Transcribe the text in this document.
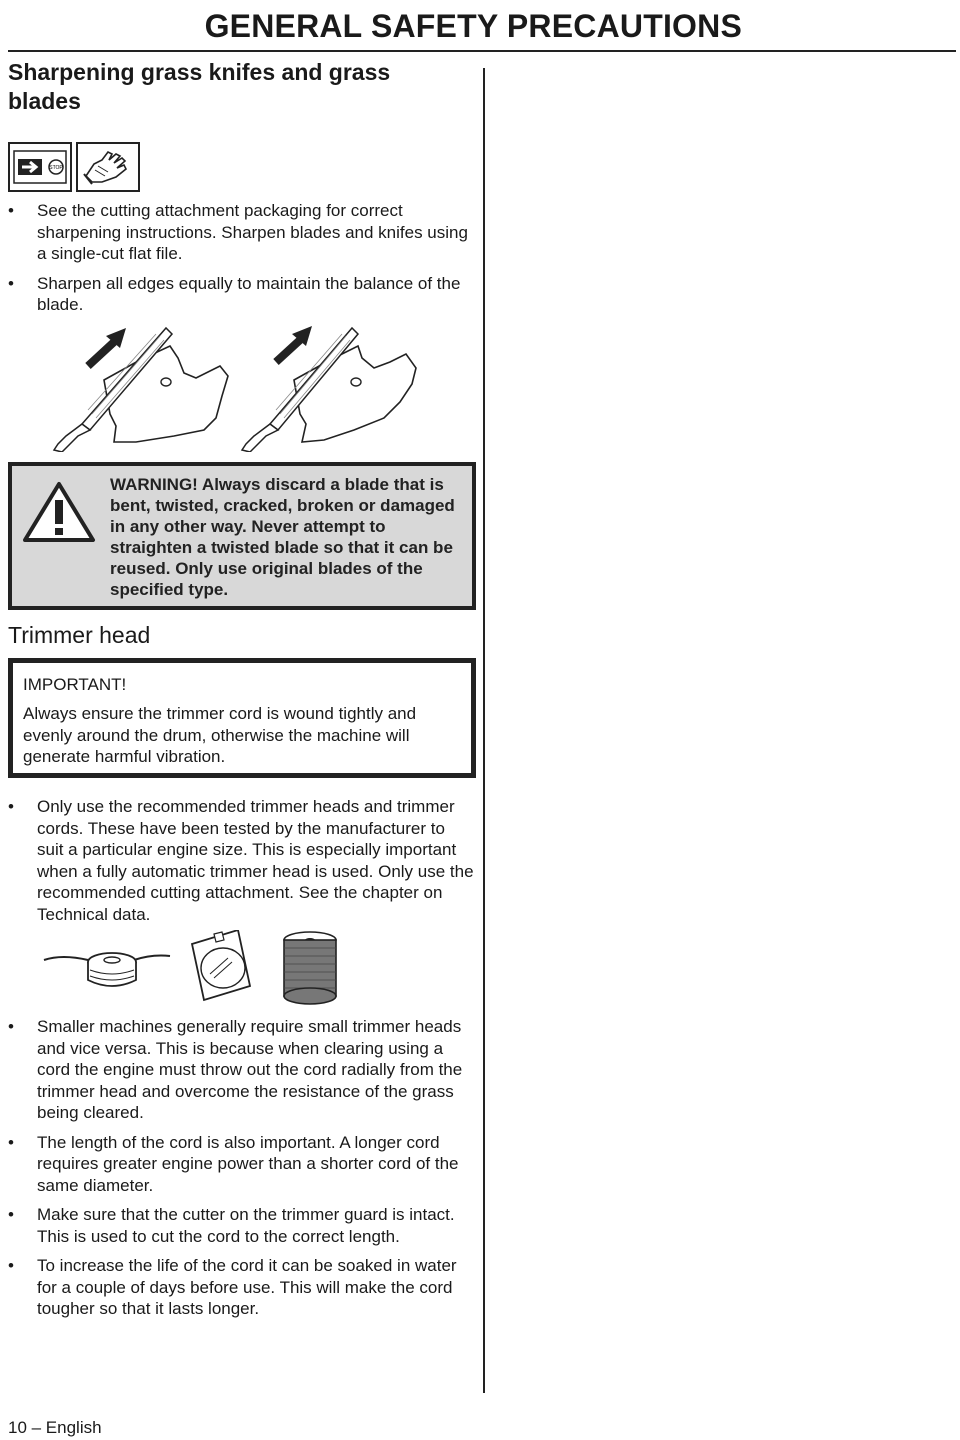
GENERAL SAFETY PRECAUTIONS
Sharpening grass knifes and grass blades
STOP
• See the cutting attachment packaging for correct sharpening instructions. Sharpen blades and knifes using a single-cut flat file.
• Sharpen all edges equally to maintain the balance of the blade.
WARNING! Always discard a blade that is bent, twisted, cracked, broken or damaged in any other way. Never attempt to straighten a twisted blade so that it can be reused. Only use original blades of the specified type.
Trimmer head
IMPORTANT!
Always ensure the trimmer cord is wound tightly and evenly around the drum, otherwise the machine will generate harmful vibration.
• Only use the recommended trimmer heads and trimmer cords. These have been tested by the manufacturer to suit a particular engine size. This is especially important when a fully automatic trimmer head is used. Only use the recommended cutting attachment. See the chapter on Technical data.
• Smaller machines generally require small trimmer heads and vice versa. This is because when clearing using a cord the engine must throw out the cord radially from the trimmer head and overcome the resistance of the grass being cleared.
• The length of the cord is also important. A longer cord requires greater engine power than a shorter cord of the same diameter.
• Make sure that the cutter on the trimmer guard is intact. This is used to cut the cord to the correct length.
• To increase the life of the cord it can be soaked in water for a couple of days before use. This will make the cord tougher so that it lasts longer.
10 – English
